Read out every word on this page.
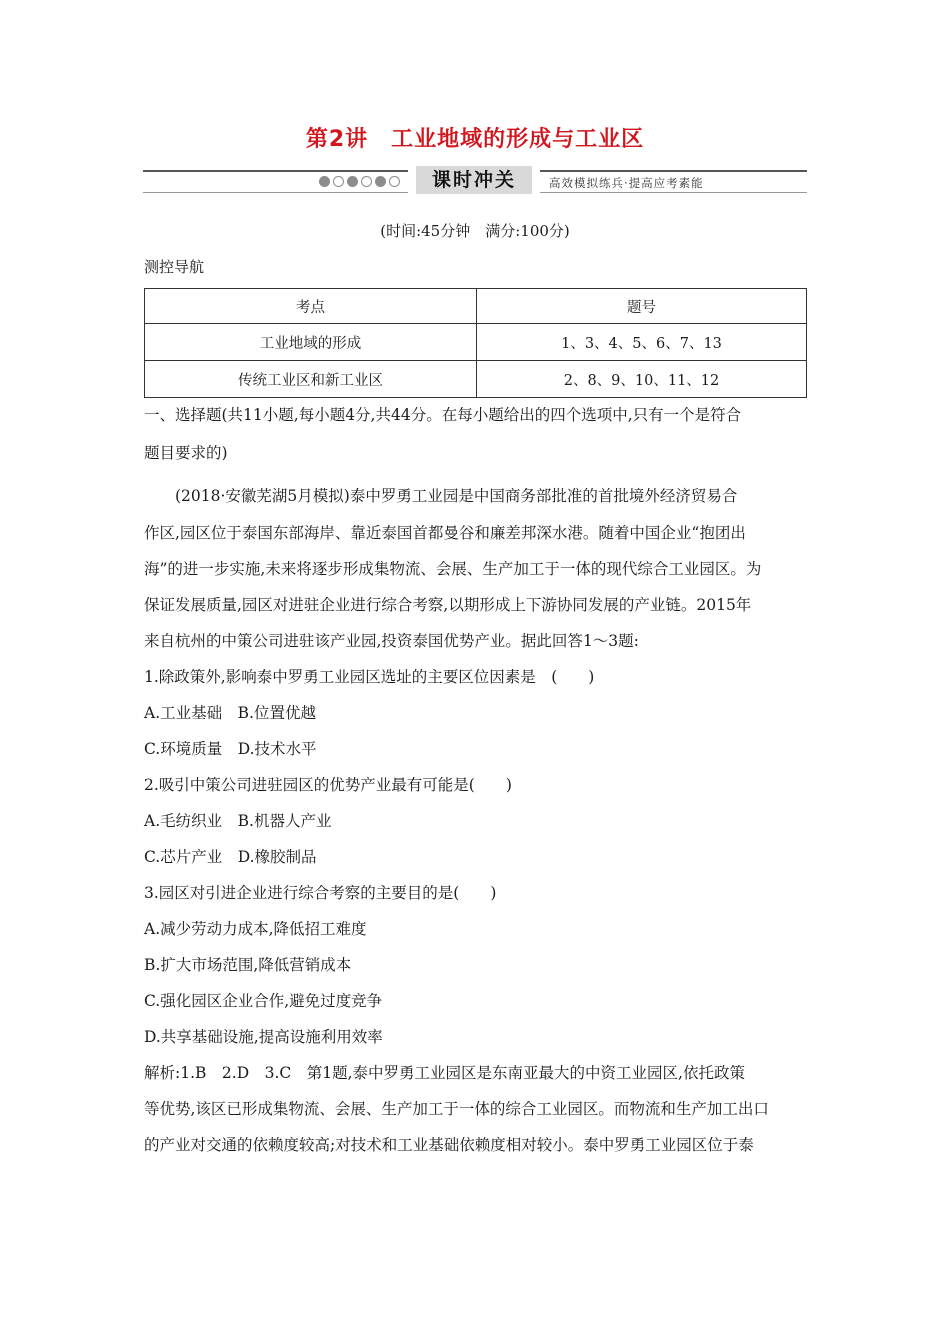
第2讲　工业地域的形成与工业区
课时冲关	高效模拟练兵·提高应考素能
(时间:45分钟　满分:100分)
测控导航
考点	题号
工业地域的形成	1、3、4、5、6、7、13
传统工业区和新工业区	2、8、9、10、11、12
一、选择题(共11小题,每小题4分,共44分。在每小题给出的四个选项中,只有一个是符合
题目要求的)
(2018·安徽芜湖5月模拟)泰中罗勇工业园是中国商务部批准的首批境外经济贸易合
作区,园区位于泰国东部海岸、靠近泰国首都曼谷和廉差邦深水港。随着中国企业“抱团出
海”的进一步实施,未来将逐步形成集物流、会展、生产加工于一体的现代综合工业园区。为
保证发展质量,园区对进驻企业进行综合考察,以期形成上下游协同发展的产业链。2015年
来自杭州的中策公司进驻该产业园,投资泰国优势产业。据此回答1～3题:
1.除政策外,影响泰中罗勇工业园区选址的主要区位因素是　(　　)
A.工业基础　B.位置优越
C.环境质量　D.技术水平
2.吸引中策公司进驻园区的优势产业最有可能是(　　)
A.毛纺织业　B.机器人产业
C.芯片产业　D.橡胶制品
3.园区对引进企业进行综合考察的主要目的是(　　)
A.减少劳动力成本,降低招工难度
B.扩大市场范围,降低营销成本
C.强化园区企业合作,避免过度竞争
D.共享基础设施,提高设施利用效率
解析:1.B　2.D　3.C　第1题,泰中罗勇工业园区是东南亚最大的中资工业园区,依托政策
等优势,该区已形成集物流、会展、生产加工于一体的综合工业园区。而物流和生产加工出口
的产业对交通的依赖度较高;对技术和工业基础依赖度相对较小。泰中罗勇工业园区位于泰
